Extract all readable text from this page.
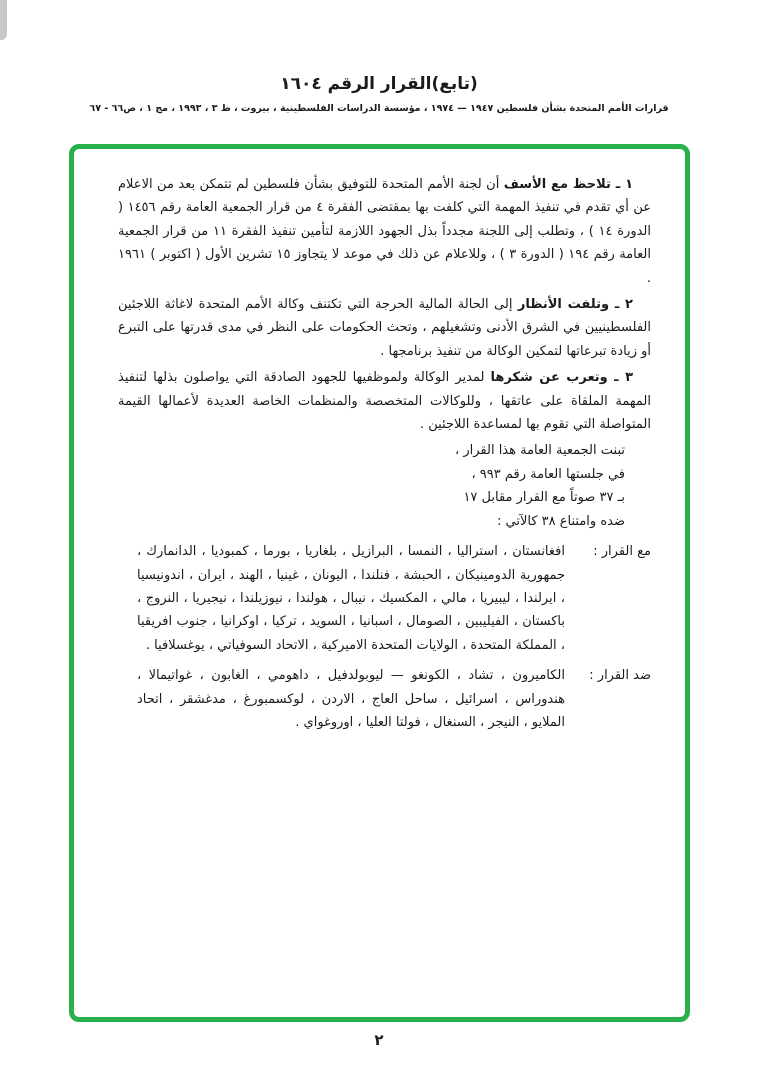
(تابع)القرار الرقم ١٦٠٤
قرارات الأمم المتحدة بشأن فلسطين ١٩٤٧ — ١٩٧٤ ، مؤسسة الدراسات الفلسطينية ، بيروت ، ط ٣ ، ١٩٩٣ ، مج ١ ، ص٦٦ - ٦٧

١ ـ تلاحظ مع الأسف أن لجنة الأمم المتحدة للتوفيق بشأن فلسطين لم تتمكن بعد من الاعلام عن أي تقدم في تنفيذ المهمة التي كلفت بها بمقتضى الفقرة ٤ من قرار الجمعية العامة رقم ١٤٥٦ ( الدورة ١٤ ) ، وتطلب إلى اللجنة مجدداً بذل الجهود اللازمة لتأمين تنفيذ الفقرة ١١ من قرار الجمعية العامة رقم ١٩٤ ( الدورة ٣ ) ، وللاعلام عن ذلك في موعد لا يتجاوز ١٥ تشرين الأول ( اكتوبر ) ١٩٦١ .

٢ ـ وتلفت الأنظار إلى الحالة المالية الحرجة التي تكتنف وكالة الأمم المتحدة لاغاثة اللاجئين الفلسطينيين في الشرق الأدنى وتشغيلهم ، وتحث الحكومات على النظر في مدى قدرتها على التبرع أو زيادة تبرعاتها لتمكين الوكالة من تنفيذ برنامجها .

٣ ـ وتعرب عن شكرها لمدير الوكالة ولموظفيها للجهود الصادقة التي يواصلون بذلها لتنفيذ المهمة الملقاة على عاتقها ، وللوكالات المتخصصة والمنظمات الخاصة العديدة لأعمالها القيمة المتواصلة التي تقوم بها لمساعدة اللاجئين .

تبنت الجمعية العامة هذا القرار ،
في جلستها العامة رقم ٩٩٣ ،
بـ ٣٧ صوتاً مع القرار مقابل ١٧
ضده وامتناع ٣٨ كالآتي :
مع القرار :
افغانستان ، استراليا ، النمسا ، البرازيل ، بلغاريا ، بورما ، كمبوديا ، الدانمارك ، جمهورية الدومينيكان ، الحبشة ، فنلندا ، اليونان ، غينيا ، الهند ، ايران ، اندونيسيا ، ايرلندا ، ليبيريا ، مالي ، المكسيك ، نيبال ، هولندا ، نيوزيلندا ، نيجيريا ، النروج ، باكستان ، الفيليبين ، الصومال ، اسبانيا ، السويد ، تركيا ، اوكرانيا ، جنوب افريقيا ، المملكة المتحدة ، الولايات المتحدة الاميركية ، الاتحاد السوفياتي ، يوغسلافيا .
ضد القرار :
الكاميرون ، تشاد ، الكونغو — ليوبولدفيل ، داهومي ، الغابون ، غواتيمالا ، هندوراس ، اسرائيل ، ساحل العاج ، الاردن ، لوكسمبورغ ، مدغشقر ، اتحاد الملايو ، النيجر ، السنغال ، فولتا العليا ، اوروغواي .
٢
